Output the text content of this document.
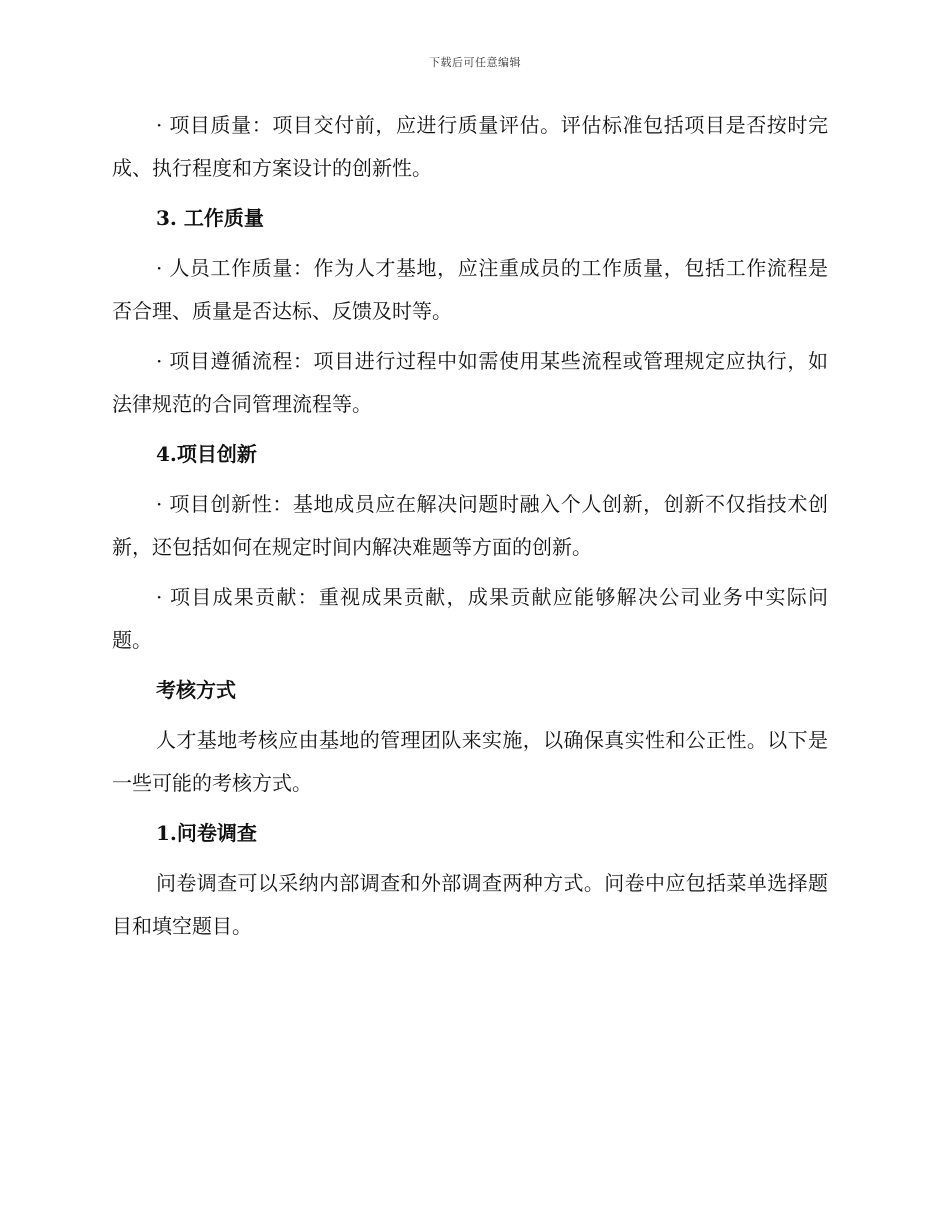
下载后可任意编辑

· 项目质量：项目交付前，应进行质量评估。评估标准包括项目是否按时完成、执行程度和方案设计的创新性。

3. 工作质量

· 人员工作质量：作为人才基地，应注重成员的工作质量，包括工作流程是否合理、质量是否达标、反馈及时等。

· 项目遵循流程：项目进行过程中如需使用某些流程或管理规定应执行，如法律规范的合同管理流程等。

4.项目创新

· 项目创新性：基地成员应在解决问题时融入个人创新，创新不仅指技术创新，还包括如何在规定时间内解决难题等方面的创新。

· 项目成果贡献：重视成果贡献，成果贡献应能够解决公司业务中实际问题。

考核方式

人才基地考核应由基地的管理团队来实施，以确保真实性和公正性。以下是一些可能的考核方式。

1.问卷调查

问卷调查可以采纳内部调查和外部调查两种方式。问卷中应包括菜单选择题目和填空题目。
